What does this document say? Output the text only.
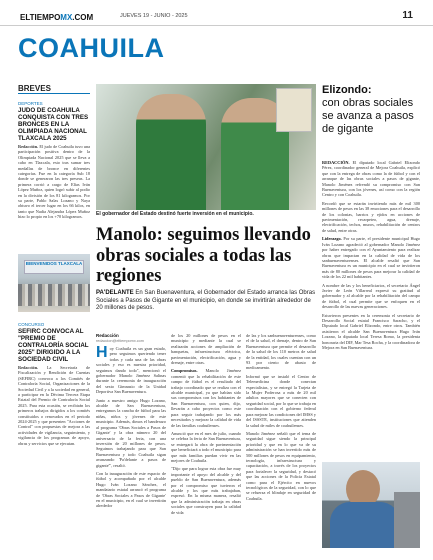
ELTIEMPOMX.COM	JUEVES 19 - JUNIO - 2025	11
COAHUILA
BREVES
DEPORTES
JUDO DE COAHUILA CONQUISTA CON TRES BRONCES EN LA OLIMPIADA NACIONAL TLAXCALA 2025
Redacción. El judo de Coahuila tuvo una participación positiva dentro de la Olimpiada Nacional 2025 que se lleva a cabo en Tlaxcala, esto tras sumar tres medallas de bronce en diferentes categorías. Fue en la categoría Sub 18 donde se generaron las tres preseas. La primera corrió a cargo de Elías Iván López Muñoz, quien logró subir al podio en la división de los 81 kilogramos. Por su parte, Pablo Salas Lozano y Naya obtuvo el tercer lugar en los 66 kilos, en tanto que Nadia Alejandra López Muñoz hizo lo propio en los +70 kilogramos.
BIENVENIDOS TLAXCALA
CONCURSO
SEFIRC CONVOCA AL "PREMIO DE CONTRALORÍA SOCIAL 2025" DIRIGIDO A LA SOCIEDAD CIVIL
Redacción. La Secretaría de Fiscalización y Rendición de Cuentas (SEFIRC) convoca a los Comités de Contraloría Social, Organizaciones de la Sociedad Civil y a la sociedad en general, a participar en la Décima Tercera Etapa Estatal del Premio de Contraloría Social 2025. Para esta ocasión, se recibirán los primeros trabajos dirigidos a los comités constituidos o renovados en el periodo 2024-2025 y que presenten "Acciones de Control" con propuestas de mejora a las actividades de vigilancia, seguimiento, y vigilancia de los programas de apoyo, obras y servicios que se ejecutan.
El gobernador del Estado destinó fuerte inversión en el municipio.
Manolo: seguimos llevando obras sociales a todas las regiones
PA'DELANTE En San Buenaventura, el Gobernador del Estado arranca las Obras Sociales a Pasos de Gigante en el municipio, en donde se invirtirán alrededor de 20 millones de pesos.
Redacción
redaccion@eltiempomx.com

Hoy Coahuila es un gran estado, pero seguimos queriendo tener todas y cada una de las obras sociales y eso es nuestra prioridad, seguimos dando todo", mencionó el gobernador Manolo Jiménez Salinas durante la ceremonia de inauguración del sexto Gimnasio de la Unidad Deportiva San Buenaventura.

Junto a nuestro amigo Hugo Lozano, alcalde de San Buenaventura, entregamos la cancha de fútbol para las niñas, niños y jóvenes de este municipio. Además, dimos el banderazo al programa 'Obras Sociales a Pasos de Gigante' y la obra número 20 del aniversario de la feria, con una inversión de 20 millones de pesos. Seguimos trabajando para que San Buenaventura y todo Coahuila sigan avanzando 'Pa'delante a pasos de gigante'", resaltó.

Con la inauguración de este espacio de fútbol y acompañado por el alcalde Hugo Iván Lozano Sánchez, el mandatario estatal arrancó el programa de 'Obras Sociales a Pasos de Gigante' en el municipio, en el cual se invertirán alrededor

de los 20 millones de pesos en el municipio y mediante la cual se realizarán acciones de ampliación de banquetas, infraestructura eléctrica, pavimentación, electrificación, agua y drenaje, entre otras.

Compromisos. Manolo Jiménez comentó que la rehabilitación de este campo de fútbol es el resultado del trabajo coordinado que se realiza con el alcalde municipal, ya que habían sido sus compromisos con los habitantes de San Buenaventura, con quien, dijo, llevarán a cabo proyectos como este para seguir trabajando por los más necesitados y mejorar la calidad de vida de las familias coahuilenses.

Anunció que en el mes de julio, cuando se celebra la feria de San Buenaventura, se entregará la obra de pavimentación que beneficiará a todo el municipio para que más familias puedan vivir en las mejores de Coahuila.

"Dijo que para lograr esta obra fue muy importante el apoyo del alcalde y del pueblo de San Buenaventura, además por el compromiso que tuvieron el alcalde y los que más trabajaban, expresó. En la misma manera, resaltó que la administración trabaja en obras sociales que construyen para la calidad de vida

de las y los sanbuenaventurenses, como el de la salud, el drenaje, dentro de San Buenaventura que permite el desarrollo de la salud de los 110 metros de salud de la entidad, los cuales cuentan con un 93 por ciento de abasto de medicamento.

Informó que se instaló el Centro de Telemedicina donde conectan especialistas, y se entregó la Tarjeta de la Mujer Poderosa a más de 20 mil adultos mayores que se conecten con seguridad social, por lo que se trabaja en coordinación con el gobierno federal para mejorar las condiciones del IMSS y del ISSSTE, instituciones que atienden la salud de miles de coahuilenses.

Manolo Jiménez señaló que el tema de seguridad sigue siendo la principal prioridad y que en lo que va de su administración se han invertido más de 500 millones de pesos en equipamiento, tecnología, infraestructura y capacitación, a través de los proyectos para fortalecer la seguridad, y destacó que las acciones de la Policía Estatal como para el Ejército en nuevos tecnológicos de la seguridad, con lo que se refuerza el blindaje en seguridad de Coahuila.

Elizondo:
con obras sociales se avanza a pasos de gigante

REDACCIÓN. El diputado local Gabriel Elizondo Pérez, coordinador general de Mejora Coahuila, explicó que con la entrega de obras como la de fútbol y con el arranque de las obras sociales a pasos de gigante, Manolo Jiménez refrendó su compromiso con San Buenaventura, con los jóvenes, así como con la región Centro y con Coahuila.

Recordó que se estarán invirtiendo más de mil 300 millones de pesos en las 38 emociones para el desarrollo de los colonias, barrios y ejidos en acciones de pavimentación, recarpeteo, agua, drenaje, electrificación, techos, muros, rehabilitación de centros de salud, entre otras.

Liderazgo. Por su parte, el presidente municipal Hugo Iván Lozano agradeció al gobernador Manolo Jiménez por haber entregado con el Ayuntamiento para realizar obras que impactan en la calidad de vida de los sanbuenaventurenses. El alcalde resaltó que San Buenaventura es un municipio en el cual se invirtieron más de 80 millones de pesos para mejorar la calidad de vida de los 22 mil habitantes.

A nombre de las y los beneficiarios, el secretario Ángel Javier de León Villarreal expresó su gratitud al gobernador y al alcalde por la rehabilitación del campo de fútbol, el cual permite que se enfoquen en el desarrollo de las nuevas generaciones.

Estuvieron presentes en la ceremonia el secretario de Desarrollo Social estatal Francisco Saracho, y el Diputado local Gabriel Elizondo, entre otros. También asistieron el alcalde San Buenaventura Hugo Iván Lozano, la diputada local Teresa Romo, la presidenta honoraria del DIF, Mar Tesa Rocha, y la coordinadora de Mejora en San Buenaventura.
